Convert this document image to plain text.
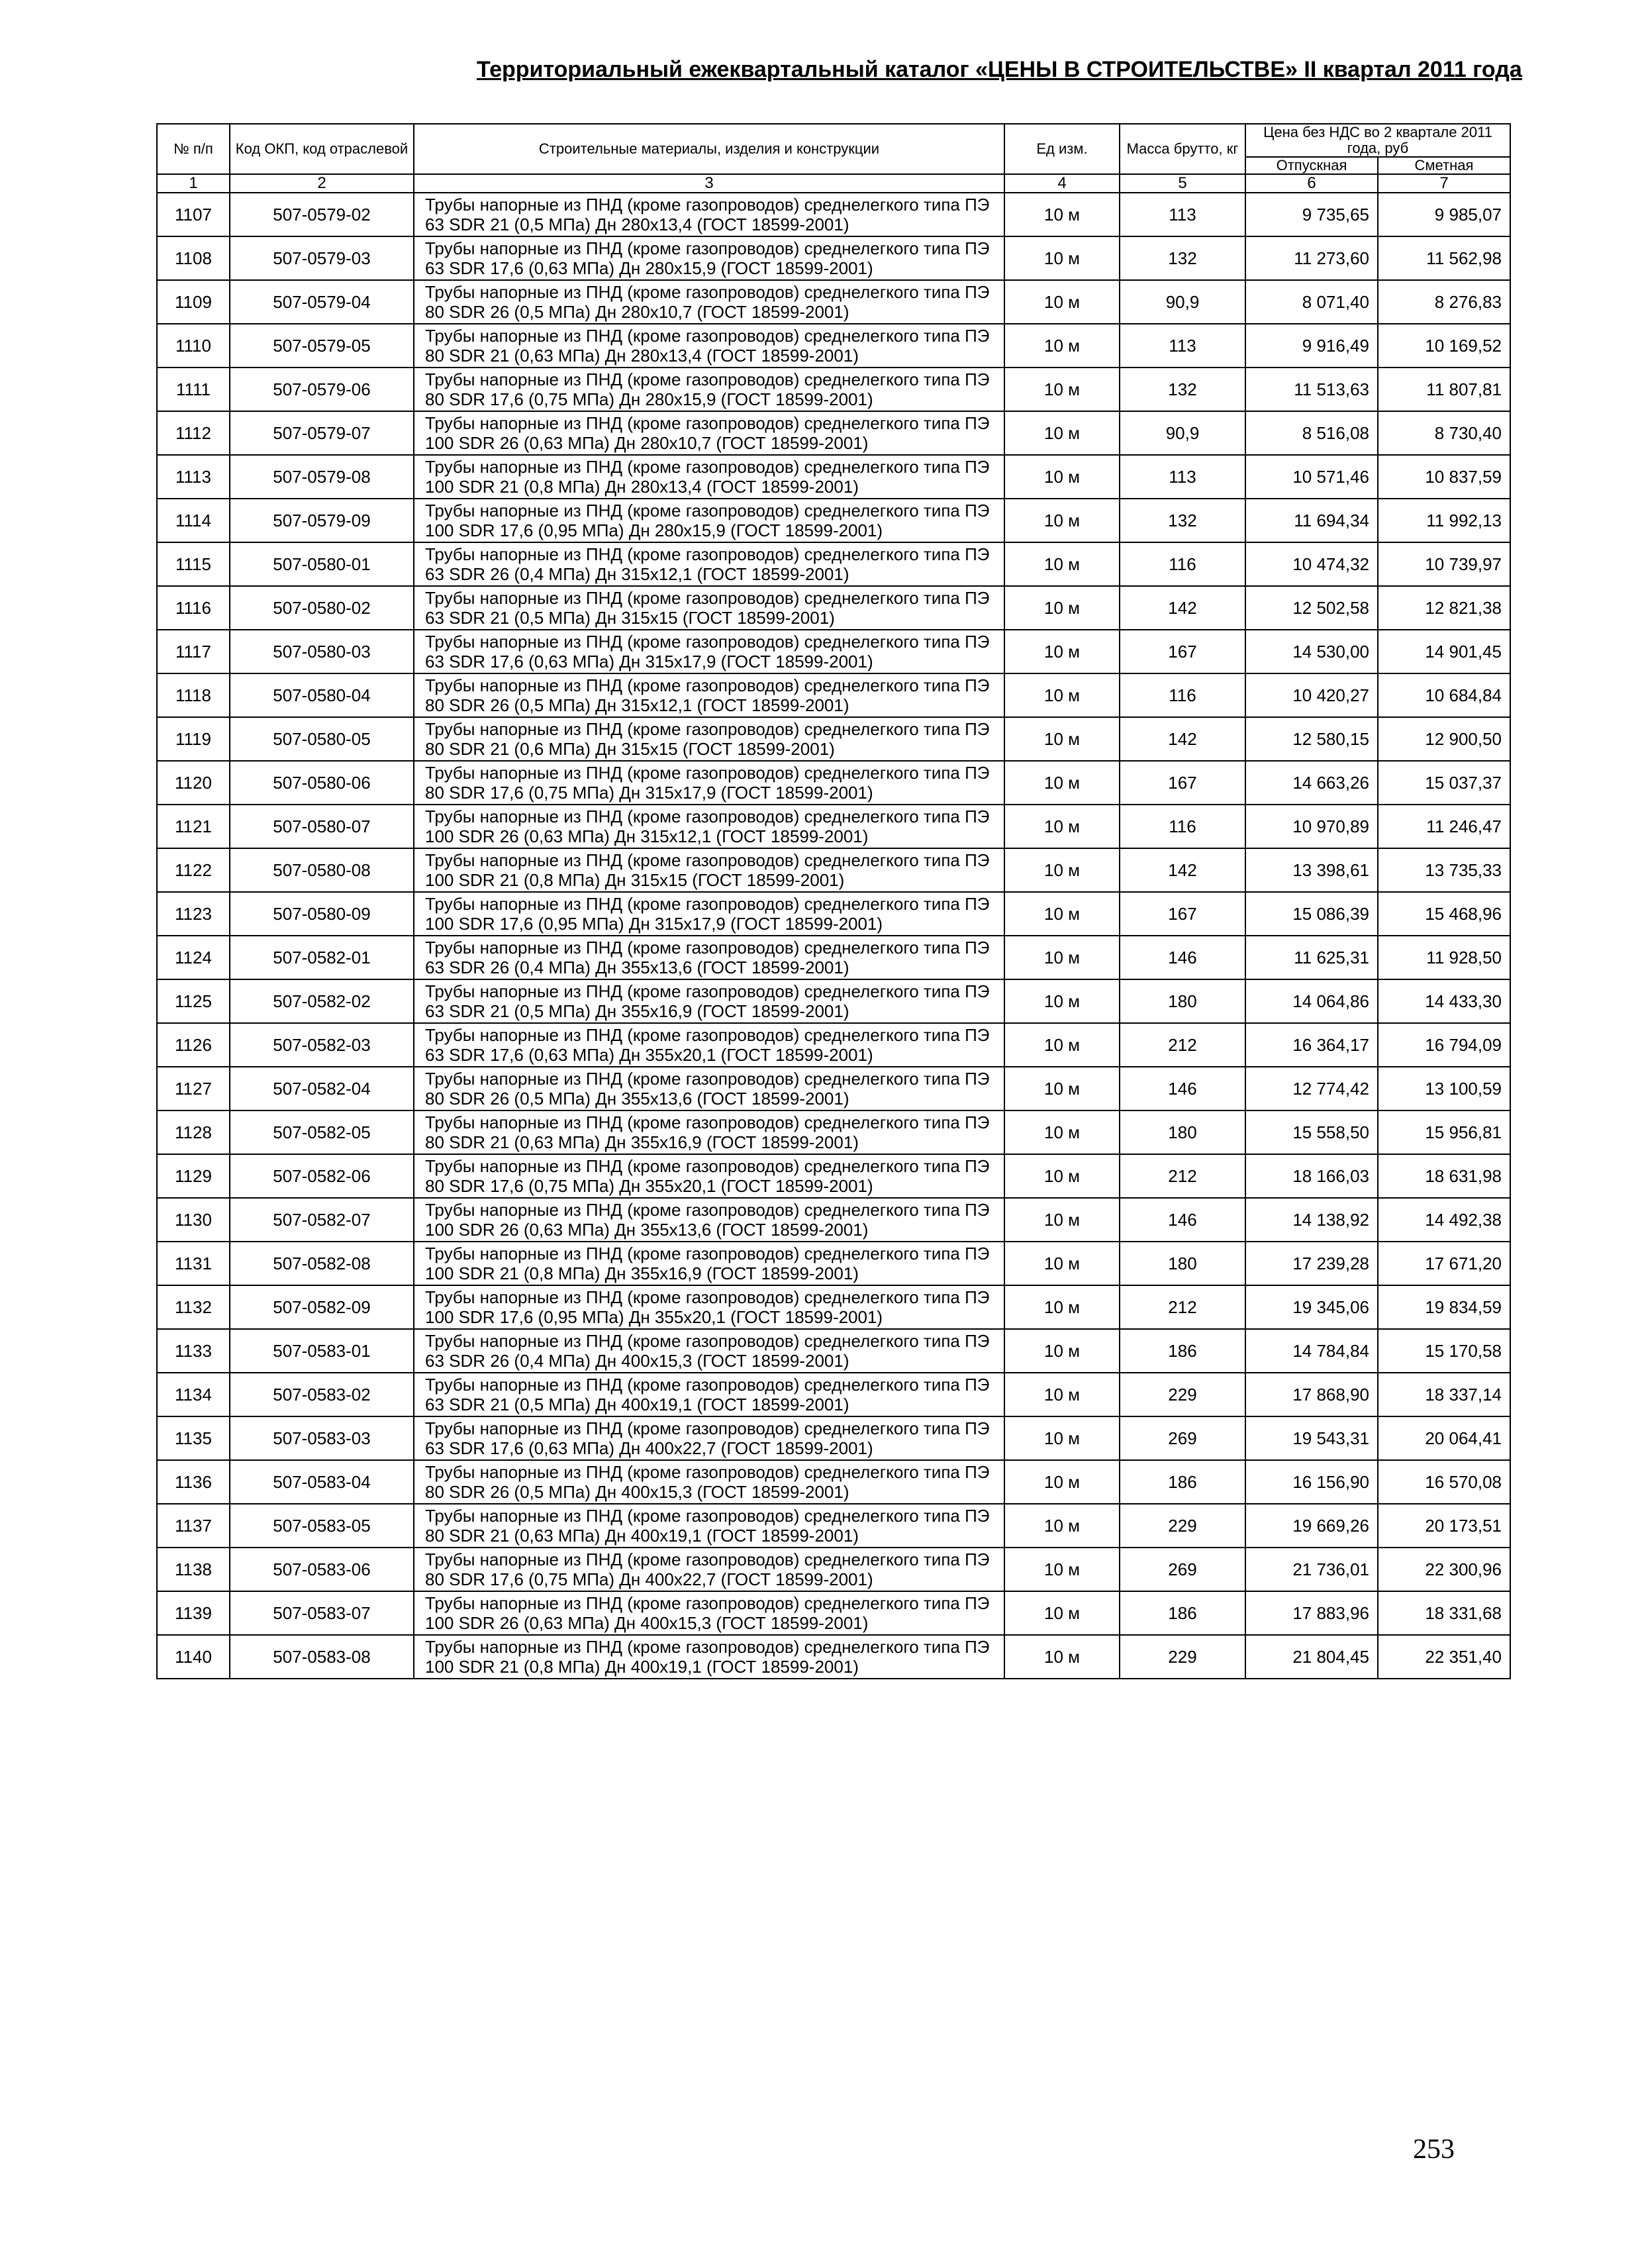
Территориальный ежеквартальный каталог «ЦЕНЫ В СТРОИТЕЛЬСТВЕ» II квартал 2011 года
№ п/п	Код ОКП, код отраслевой	Строительные материалы, изделия и конструкции	Ед изм.	Масса брутто, кг	Цена без НДС во 2 квартале 2011 года, руб	
					Отпускная	Сметная
1	2	3	4	5	6	7
1107	507-0579-02	Трубы напорные из ПНД (кроме газопроводов) среднелегкого типа ПЭ 63 SDR 21 (0,5 МПа) Дн 280х13,4 (ГОСТ 18599-2001)	10 м	113	9 735,65	9 985,07
1108	507-0579-03	Трубы напорные из ПНД (кроме газопроводов) среднелегкого типа ПЭ 63 SDR 17,6 (0,63 МПа) Дн 280х15,9 (ГОСТ 18599-2001)	10 м	132	11 273,60	11 562,98
1109	507-0579-04	Трубы напорные из ПНД (кроме газопроводов) среднелегкого типа ПЭ 80 SDR 26 (0,5 МПа) Дн 280х10,7 (ГОСТ 18599-2001)	10 м	90,9	8 071,40	8 276,83
1110	507-0579-05	Трубы напорные из ПНД (кроме газопроводов) среднелегкого типа ПЭ 80 SDR 21 (0,63 МПа) Дн 280х13,4 (ГОСТ 18599-2001)	10 м	113	9 916,49	10 169,52
1111	507-0579-06	Трубы напорные из ПНД (кроме газопроводов) среднелегкого типа ПЭ 80 SDR 17,6 (0,75 МПа) Дн 280х15,9 (ГОСТ 18599-2001)	10 м	132	11 513,63	11 807,81
1112	507-0579-07	Трубы напорные из ПНД (кроме газопроводов) среднелегкого типа ПЭ 100 SDR 26 (0,63 МПа) Дн 280х10,7 (ГОСТ 18599-2001)	10 м	90,9	8 516,08	8 730,40
1113	507-0579-08	Трубы напорные из ПНД (кроме газопроводов) среднелегкого типа ПЭ 100 SDR 21 (0,8 МПа) Дн 280х13,4 (ГОСТ 18599-2001)	10 м	113	10 571,46	10 837,59
1114	507-0579-09	Трубы напорные из ПНД (кроме газопроводов) среднелегкого типа ПЭ 100 SDR 17,6 (0,95 МПа) Дн 280х15,9 (ГОСТ 18599-2001)	10 м	132	11 694,34	11 992,13
1115	507-0580-01	Трубы напорные из ПНД (кроме газопроводов) среднелегкого типа ПЭ 63 SDR 26 (0,4 МПа) Дн 315х12,1 (ГОСТ 18599-2001)	10 м	116	10 474,32	10 739,97
1116	507-0580-02	Трубы напорные из ПНД (кроме газопроводов) среднелегкого типа ПЭ 63 SDR 21 (0,5 МПа) Дн 315х15 (ГОСТ 18599-2001)	10 м	142	12 502,58	12 821,38
1117	507-0580-03	Трубы напорные из ПНД (кроме газопроводов) среднелегкого типа ПЭ 63 SDR 17,6 (0,63 МПа) Дн 315х17,9 (ГОСТ 18599-2001)	10 м	167	14 530,00	14 901,45
1118	507-0580-04	Трубы напорные из ПНД (кроме газопроводов) среднелегкого типа ПЭ 80 SDR 26 (0,5 МПа) Дн 315х12,1 (ГОСТ 18599-2001)	10 м	116	10 420,27	10 684,84
1119	507-0580-05	Трубы напорные из ПНД (кроме газопроводов) среднелегкого типа ПЭ 80 SDR 21 (0,6 МПа) Дн 315х15 (ГОСТ 18599-2001)	10 м	142	12 580,15	12 900,50
1120	507-0580-06	Трубы напорные из ПНД (кроме газопроводов) среднелегкого типа ПЭ 80 SDR 17,6 (0,75 МПа) Дн 315х17,9 (ГОСТ 18599-2001)	10 м	167	14 663,26	15 037,37
1121	507-0580-07	Трубы напорные из ПНД (кроме газопроводов) среднелегкого типа ПЭ 100 SDR 26 (0,63 МПа) Дн 315х12,1 (ГОСТ 18599-2001)	10 м	116	10 970,89	11 246,47
1122	507-0580-08	Трубы напорные из ПНД (кроме газопроводов) среднелегкого типа ПЭ 100 SDR 21 (0,8 МПа) Дн 315х15 (ГОСТ 18599-2001)	10 м	142	13 398,61	13 735,33
1123	507-0580-09	Трубы напорные из ПНД (кроме газопроводов) среднелегкого типа ПЭ 100 SDR 17,6 (0,95 МПа) Дн 315х17,9 (ГОСТ 18599-2001)	10 м	167	15 086,39	15 468,96
1124	507-0582-01	Трубы напорные из ПНД (кроме газопроводов) среднелегкого типа ПЭ 63 SDR 26 (0,4 МПа) Дн 355х13,6 (ГОСТ 18599-2001)	10 м	146	11 625,31	11 928,50
1125	507-0582-02	Трубы напорные из ПНД (кроме газопроводов) среднелегкого типа ПЭ 63 SDR 21 (0,5 МПа) Дн 355х16,9 (ГОСТ 18599-2001)	10 м	180	14 064,86	14 433,30
1126	507-0582-03	Трубы напорные из ПНД (кроме газопроводов) среднелегкого типа ПЭ 63 SDR 17,6 (0,63 МПа) Дн 355х20,1 (ГОСТ 18599-2001)	10 м	212	16 364,17	16 794,09
1127	507-0582-04	Трубы напорные из ПНД (кроме газопроводов) среднелегкого типа ПЭ 80 SDR 26 (0,5 МПа) Дн 355х13,6 (ГОСТ 18599-2001)	10 м	146	12 774,42	13 100,59
1128	507-0582-05	Трубы напорные из ПНД (кроме газопроводов) среднелегкого типа ПЭ 80 SDR 21 (0,63 МПа) Дн 355х16,9 (ГОСТ 18599-2001)	10 м	180	15 558,50	15 956,81
1129	507-0582-06	Трубы напорные из ПНД (кроме газопроводов) среднелегкого типа ПЭ 80 SDR 17,6 (0,75 МПа) Дн 355х20,1 (ГОСТ 18599-2001)	10 м	212	18 166,03	18 631,98
1130	507-0582-07	Трубы напорные из ПНД (кроме газопроводов) среднелегкого типа ПЭ 100 SDR 26 (0,63 МПа) Дн 355х13,6 (ГОСТ 18599-2001)	10 м	146	14 138,92	14 492,38
1131	507-0582-08	Трубы напорные из ПНД (кроме газопроводов) среднелегкого типа ПЭ 100 SDR 21 (0,8 МПа) Дн 355х16,9 (ГОСТ 18599-2001)	10 м	180	17 239,28	17 671,20
1132	507-0582-09	Трубы напорные из ПНД (кроме газопроводов) среднелегкого типа ПЭ 100 SDR 17,6 (0,95 МПа) Дн 355х20,1 (ГОСТ 18599-2001)	10 м	212	19 345,06	19 834,59
1133	507-0583-01	Трубы напорные из ПНД (кроме газопроводов) среднелегкого типа ПЭ 63 SDR 26 (0,4 МПа) Дн 400х15,3 (ГОСТ 18599-2001)	10 м	186	14 784,84	15 170,58
1134	507-0583-02	Трубы напорные из ПНД (кроме газопроводов) среднелегкого типа ПЭ 63 SDR 21 (0,5 МПа) Дн 400х19,1 (ГОСТ 18599-2001)	10 м	229	17 868,90	18 337,14
1135	507-0583-03	Трубы напорные из ПНД (кроме газопроводов) среднелегкого типа ПЭ 63 SDR 17,6 (0,63 МПа) Дн 400х22,7 (ГОСТ 18599-2001)	10 м	269	19 543,31	20 064,41
1136	507-0583-04	Трубы напорные из ПНД (кроме газопроводов) среднелегкого типа ПЭ 80 SDR 26 (0,5 МПа) Дн 400х15,3 (ГОСТ 18599-2001)	10 м	186	16 156,90	16 570,08
1137	507-0583-05	Трубы напорные из ПНД (кроме газопроводов) среднелегкого типа ПЭ 80 SDR 21 (0,63 МПа) Дн 400х19,1 (ГОСТ 18599-2001)	10 м	229	19 669,26	20 173,51
1138	507-0583-06	Трубы напорные из ПНД (кроме газопроводов) среднелегкого типа ПЭ 80 SDR 17,6 (0,75 МПа) Дн 400х22,7 (ГОСТ 18599-2001)	10 м	269	21 736,01	22 300,96
1139	507-0583-07	Трубы напорные из ПНД (кроме газопроводов) среднелегкого типа ПЭ 100 SDR 26 (0,63 МПа) Дн 400х15,3 (ГОСТ 18599-2001)	10 м	186	17 883,96	18 331,68
1140	507-0583-08	Трубы напорные из ПНД (кроме газопроводов) среднелегкого типа ПЭ 100 SDR 21 (0,8 МПа) Дн 400х19,1 (ГОСТ 18599-2001)	10 м	229	21 804,45	22 351,40
253
